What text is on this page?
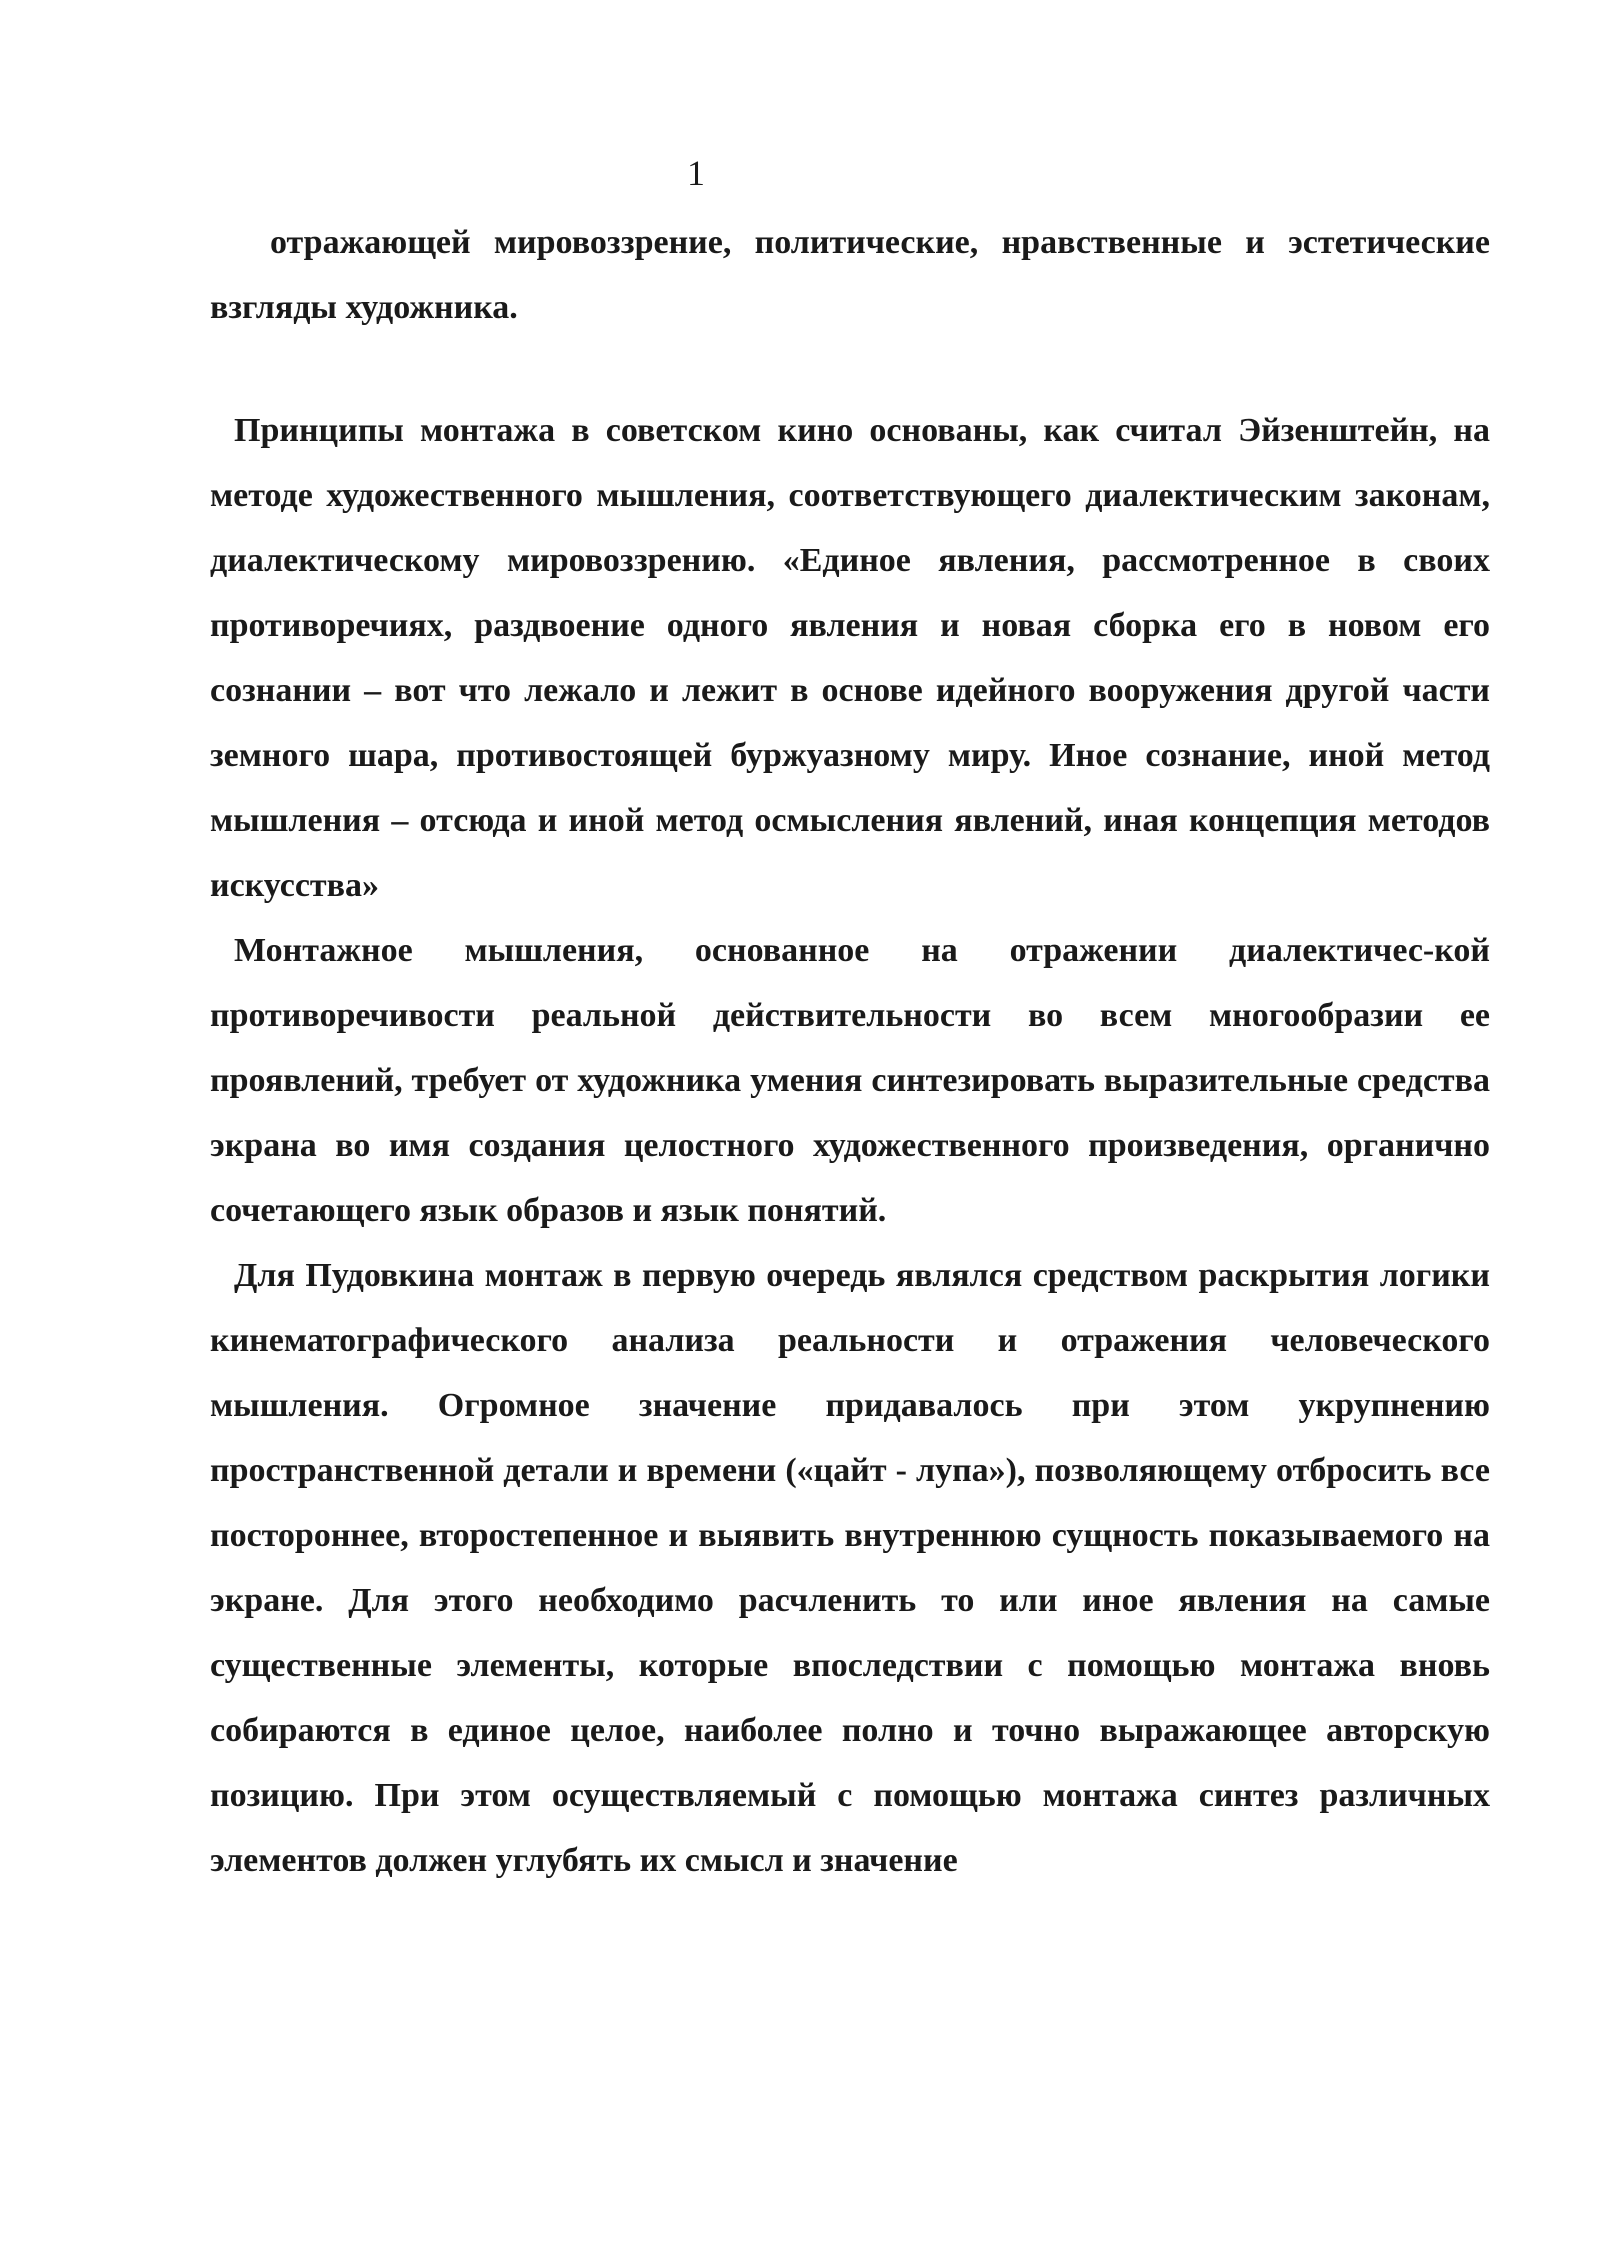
1

отражающей мировоззрение, политические, нравственные и эстетические взгляды художника.

Принципы монтажа в советском кино основаны, как считал Эйзенштейн, на методе художественного мышления, соответствующего диалектическим законам, диалектическому мировоззрению. «Единое явления, рассмотренное в своих противоречиях, раздвоение одного явления и новая сборка его в новом его сознании – вот что лежало и лежит в основе идейного вооружения другой части земного шара, противостоящей буржуазному миру. Иное сознание, иной метод мышления – отсюда и иной метод осмысления явлений, иная концепция методов искусства»

Монтажное мышления, основанное на отражении диалектичес-кой противоречивости реальной действительности во всем многообразии ее проявлений, требует от художника умения синтезировать выразительные средства экрана во имя создания целостного художественного произведения, органично сочетающего язык образов и язык понятий.

Для Пудовкина монтаж в первую очередь являлся средством раскрытия логики кинематографического анализа реальности и отражения человеческого мышления. Огромное значение придавалось при этом укрупнению пространственной детали и времени («цайт - лупа»), позволяющему отбросить все постороннее, второстепенное и выявить внутреннюю сущность показываемого на экране. Для этого необходимо расчленить то или иное явления на самые существенные элементы, которые впоследствии с помощью монтажа вновь собираются в единое целое, наиболее полно и точно выражающее авторскую позицию. При этом осуществляемый с помощью монтажа синтез различных элементов должен углубять их смысл и значение
